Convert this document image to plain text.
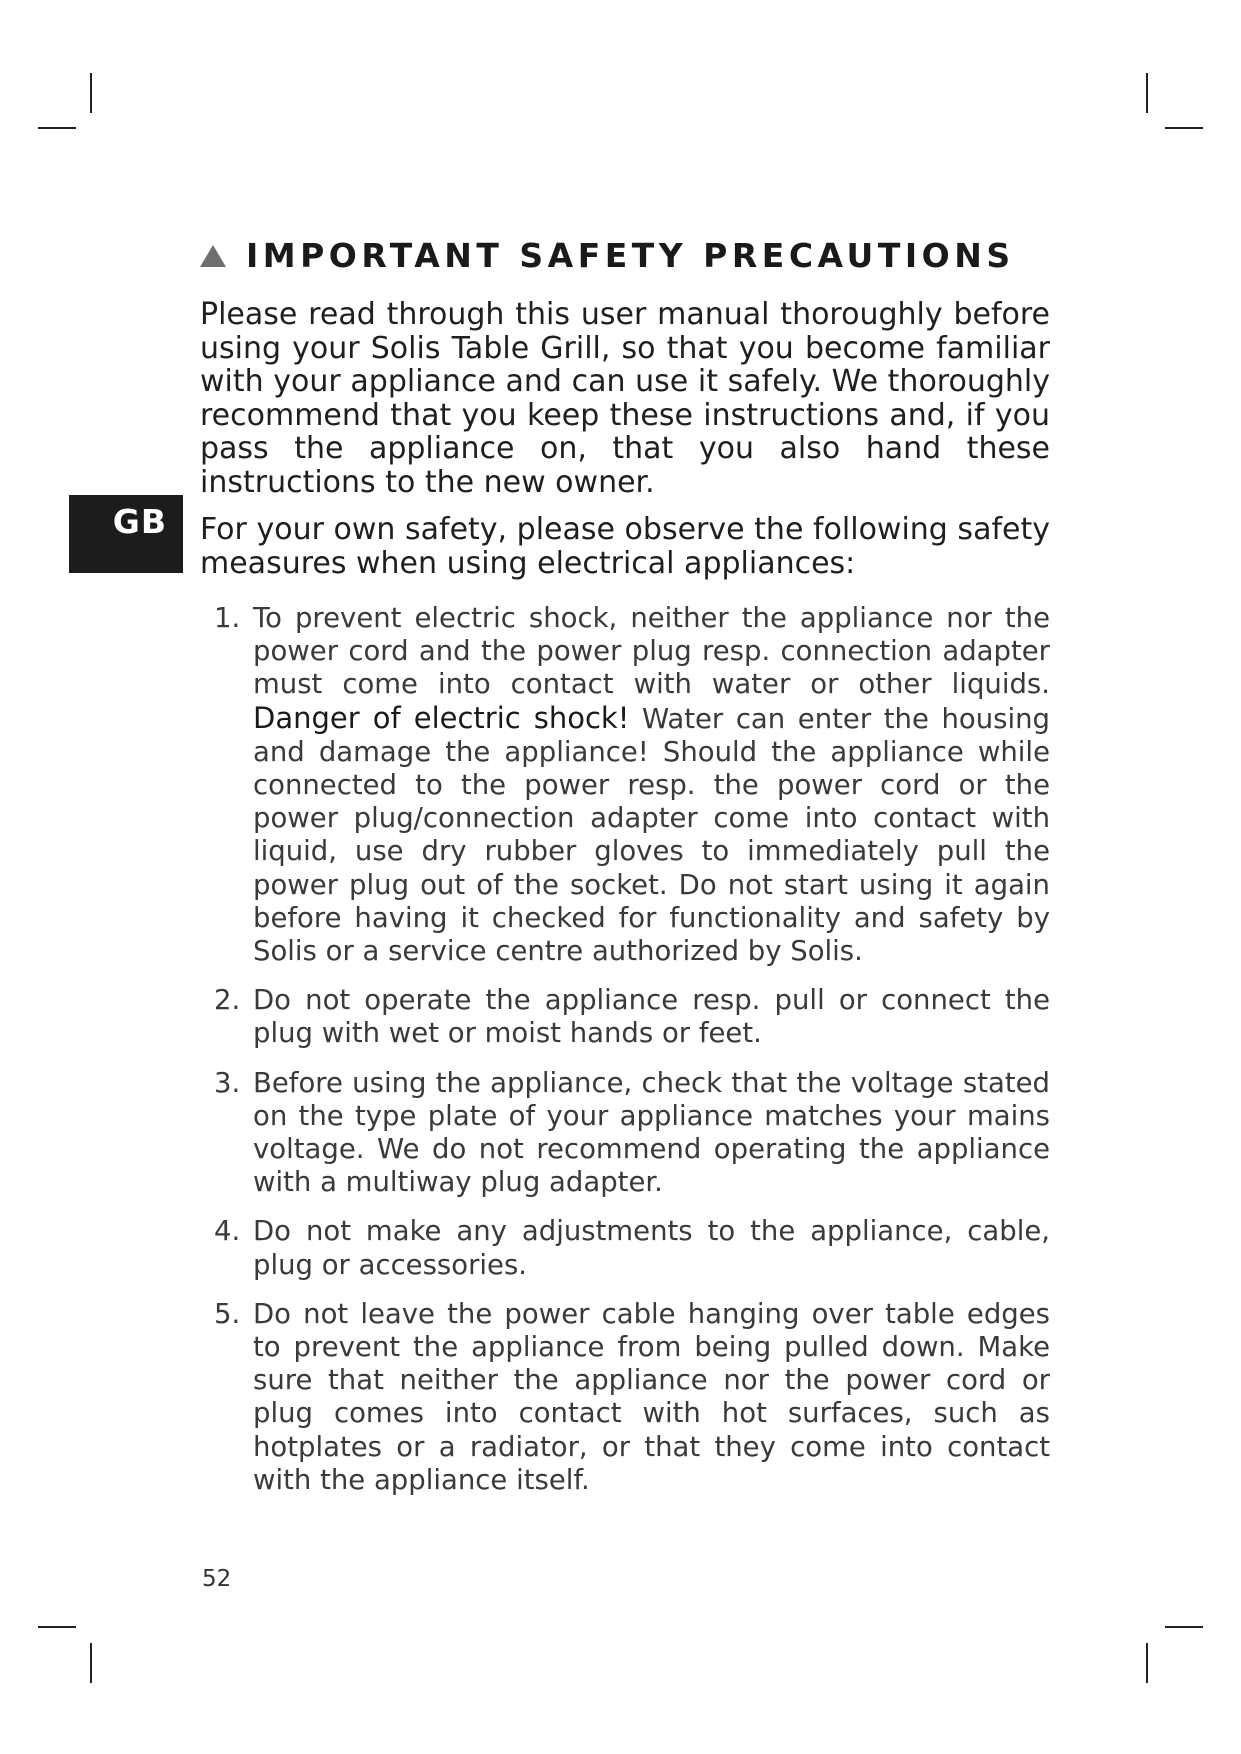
GB
IMPORTANT SAFETY PRECAUTIONS

Please read through this user manual thoroughly before using your Solis Table Grill, so that you become familiar with your appliance and can use it safely. We thoroughly recommend that you keep these instructions and, if you pass the appliance on, that you also hand these instructions to the new owner.

For your own safety, please observe the following safety measures when using electrical appliances:

1. To prevent electric shock, neither the appliance nor the power cord and the power plug resp. connection adapter must come into contact with water or other liquids. Danger of electric shock! Water can enter the housing and damage the appliance! Should the appliance while connected to the power resp. the power cord or the power plug/connection adapter come into contact with liquid, use dry rubber gloves to immediately pull the power plug out of the socket. Do not start using it again before having it checked for functionality and safety by Solis or a service centre authorized by Solis.
2. Do not operate the appliance resp. pull or connect the plug with wet or moist hands or feet.
3. Before using the appliance, check that the voltage stated on the type plate of your appliance matches your mains voltage. We do not recommend operating the appliance with a multiway plug adapter.
4. Do not make any adjustments to the appliance, cable, plug or accessories.
5. Do not leave the power cable hanging over table edges to prevent the appliance from being pulled down. Make sure that neither the appliance nor the power cord or plug comes into contact with hot surfaces, such as hotplates or a radiator, or that they come into contact with the appliance itself.
52
